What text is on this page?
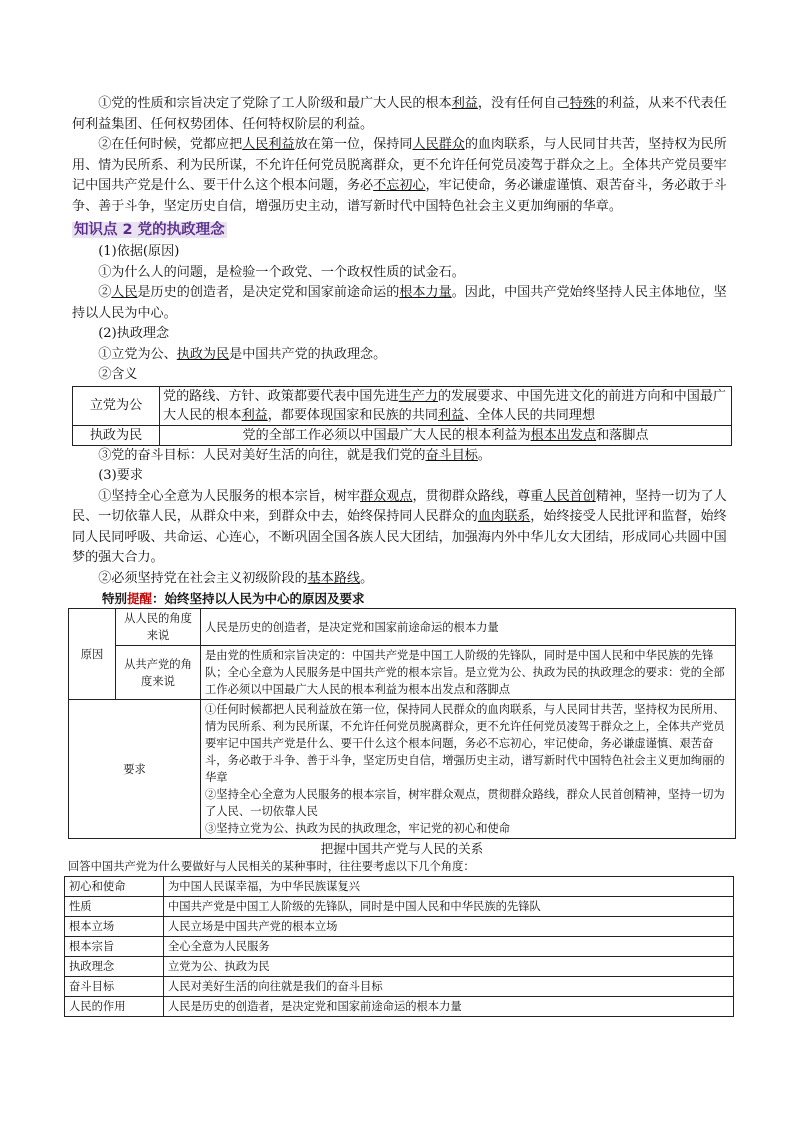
①党的性质和宗旨决定了党除了工人阶级和最广大人民的根本利益，没有任何自己特殊的利益，从来不代表任何利益集团、任何权势团体、任何特权阶层的利益。

②在任何时候，党都应把人民利益放在第一位，保持同人民群众的血肉联系，与人民同甘共苦，坚持权为民所用、情为民所系、利为民所谋，不允许任何党员脱离群众，更不允许任何党员凌驾于群众之上。全体共产党员要牢记中国共产党是什么、要干什么这个根本问题，务必不忘初心，牢记使命，务必谦虚谨慎、艰苦奋斗，务必敢于斗争、善于斗争，坚定历史自信，增强历史主动，谱写新时代中国特色社会主义更加绚丽的华章。

知识点 2 党的执政理念

(1)依据(原因)

①为什么人的问题，是检验一个政党、一个政权性质的试金石。

②人民是历史的创造者，是决定党和国家前途命运的根本力量。因此，中国共产党始终坚持人民主体地位，坚持以人民为中心。

(2)执政理念

①立党为公、执政为民是中国共产党的执政理念。

②含义

立党为公	党的路线、方针、政策都要代表中国先进生产力的发展要求、中国先进文化的前进方向和中国最广大人民的根本利益，都要体现国家和民族的共同利益、全体人民的共同理想
执政为民	党的全部工作必须以中国最广大人民的根本利益为根本出发点和落脚点

③党的奋斗目标：人民对美好生活的向往，就是我们党的奋斗目标。

(3)要求

①坚持全心全意为人民服务的根本宗旨，树牢群众观点，贯彻群众路线，尊重人民首创精神，坚持一切为了人民、一切依靠人民，从群众中来，到群众中去，始终保持同人民群众的血肉联系，始终接受人民批评和监督，始终同人民同呼吸、共命运、心连心，不断巩固全国各族人民大团结，加强海内外中华儿女大团结，形成同心共圆中国梦的强大合力。

②必须坚持党在社会主义初级阶段的基本路线。

特别提醒：始终坚持以人民为中心的原因及要求
原因	从人民的角度来说	人民是历史的创造者，是决定党和国家前途命运的根本力量
	从共产党的角度来说	是由党的性质和宗旨决定的：中国共产党是中国工人阶级的先锋队，同时是中国人民和中华民族的先锋队；全心全意为人民服务是中国共产党的根本宗旨。是立党为公、执政为民的执政理念的要求：党的全部工作必须以中国最广大人民的根本利益为根本出发点和落脚点
要求		①任何时候都把人民利益放在第一位，保持同人民群众的血肉联系，与人民同甘共苦，坚持权为民所用、情为民所系、利为民所谋，不允许任何党员脱离群众，更不允许任何党员凌驾于群众之上，全体共产党员要牢记中国共产党是什么、要干什么这个根本问题，务必不忘初心，牢记使命，务必谦虚谨慎、艰苦奋斗，务必敢于斗争、善于斗争，坚定历史自信，增强历史主动，谱写新时代中国特色社会主义更加绚丽的华章
②坚持全心全意为人民服务的根本宗旨，树牢群众观点，贯彻群众路线，群众人民首创精神，坚持一切为了人民、一切依靠人民
③坚持立党为公、执政为民的执政理念，牢记党的初心和使命
把握中国共产党与人民的关系
回答中国共产党为什么要做好与人民相关的某种事时，往往要考虑以下几个角度：
初心和使命	为中国人民谋幸福，为中华民族谋复兴
性质	中国共产党是中国工人阶级的先锋队，同时是中国人民和中华民族的先锋队
根本立场	人民立场是中国共产党的根本立场
根本宗旨	全心全意为人民服务
执政理念	立党为公、执政为民
奋斗目标	人民对美好生活的向往就是我们的奋斗目标
人民的作用	人民是历史的创造者，是决定党和国家前途命运的根本力量
